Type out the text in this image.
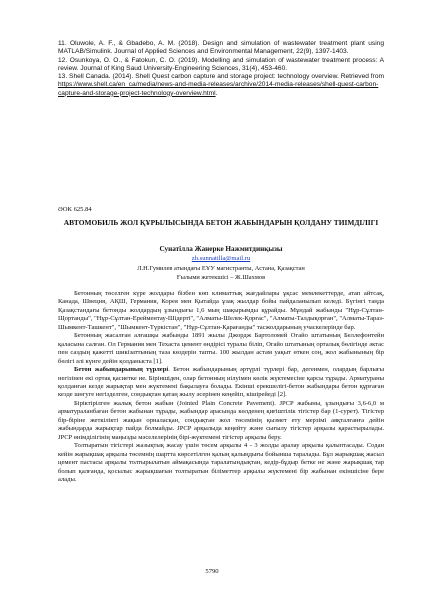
11. Oluwole, A. F., & Gbadebo, A. M. (2018). Design and simulation of wastewater treatment plant using MATLAB/Simulink. Journal of Applied Sciences and Environmental Management, 22(9), 1397-1403.

12. Osunkoya, O. O., & Fatokun, C. O. (2019). Modelling and simulation of wastewater treatment process: A review. Journal of King Saud University-Engineering Sciences, 31(4), 453-460.

13. Shell Canada. (2014). Shell Quest carbon capture and storage project: technology overview. Retrieved from https://www.shell.ca/en_ca/media/news-and-media-releases/archive/2014-media-releases/shell-quest-carbon-capture-and-storage-project-technology-overview.html.

ӘОК 625.84
АВТОМОБИЛЬ ЖОЛ ҚҰРЫЛЫСЫНДА БЕТОН ЖАБЫНДАРЫН ҚОЛДАНУ ТИІМДІЛІГІ
Сунатілла Жанерке Нажмитдинқызы
zh.sunnatilla@mail.ru
Л.Н.Гумилев атындағы ЕҰУ магистранты, Астана, Қазақстан
Ғылыми жетекшісі – Ж.Шахмов

Бетонның төселген күре жолдары бізбен көп климаттық жағдайлары ұқсас мемлекеттерде, атап айтсақ, Канада, Швеция, АҚШ, Германия, Корея мен Қытайда ұзақ жылдар бойы пайдаланылып келеді. Бүгінгі таңда Қазақстандағы бетонды жолдардың ұзындығы 1,6 мың шақырымды құрайды. Мұндай жабынды "Нұр-Сұлтан-Щортанды", "Нұр-Сұлтан-Ерейментау-Шідерті", "Алматы-Шелек-Қорғас", "Алматы-Талдықорған", "Алматы-Тараз-Шымкент-Ташкент", "Шымкент-Түркістан", "Нұр-Сұлтан-Қарағанды" тасжолдарының учаскелерінде бар.

Бетонның жасалған алғашқы жабынды 1891 жылы Джордж Бартоломей Огайо штатының Беллефонтейн қаласына салған. Ол Германия мен Техаста цемент өндірісі туралы біліп, Огайо штатының орталық бөлігінде әктас пен саздың қажетті шикізаттының таза көздерін тапты. 100 жылдан астам уақыт өткен соң, жол жабынының бір бөлігі әлі күнге дейін қолданыста [1].

Бетон жабындарының түрлері. Бетон жабындарының әртүрлі түрлері бар, дегенмен, олардың барлығы негізінен екі ортақ қасиетке ие. Біріншіден, олар бетонның иілуімен көлік жүктемесіне қарсы тұрады. Арматураны қолданған кезде жарықтар мен жүктемені бақылауға болады. Екінші ерекшелігі-бетон жабындары бетон құрғаған кезде шөгуге негізделген, сондықтан қатаң жылу әсерінен кеңейіп, кішірейеді [2].

Біріктірілген жалық бетон жабын (Jointed Plain Concrete Pavement). JPCP жабыны, ұзындығы 3,6-6,0 м арматураланбаған бетон жабынан тұрады, жабындар арасында көлденең қиғіштілік тігістер бар (1-сурет). Тігістер бір-біріне жеткілікті жақын орналасқан, сондықтан жол төсемінің қызмет ету мерзімі аяқталғанға дейін жабындарда жарықтар пайда болмайды. JPCP арқылыда кеңейту және сығылу тігістер арқылы қарастырылады. JPCP өнімділігінің маңызды мәселелерінің бірі-жүктемені тігістер арқылы беру.

Толтыратын тігістері жазықтық жасау үшін төсем арқылы 4 - 3 жолды аралау арқылы қалыптасады. Содан кейін жарықшақ арқылы төсемнің шартта көрсетілген қалың қалыңдығы бойынша таралады. Бұл жарықшақ жасыл цемент пастасы арқылы толтырылатын аймақасында таралатындықтан, кедір-бұдыр бетке не және жарықшақ тар болып қалғанда, қосылыс жарықшағын толтыратын біліметтер арқылы жүктемені бір жабынан екіншісіне бере алады.

5790
